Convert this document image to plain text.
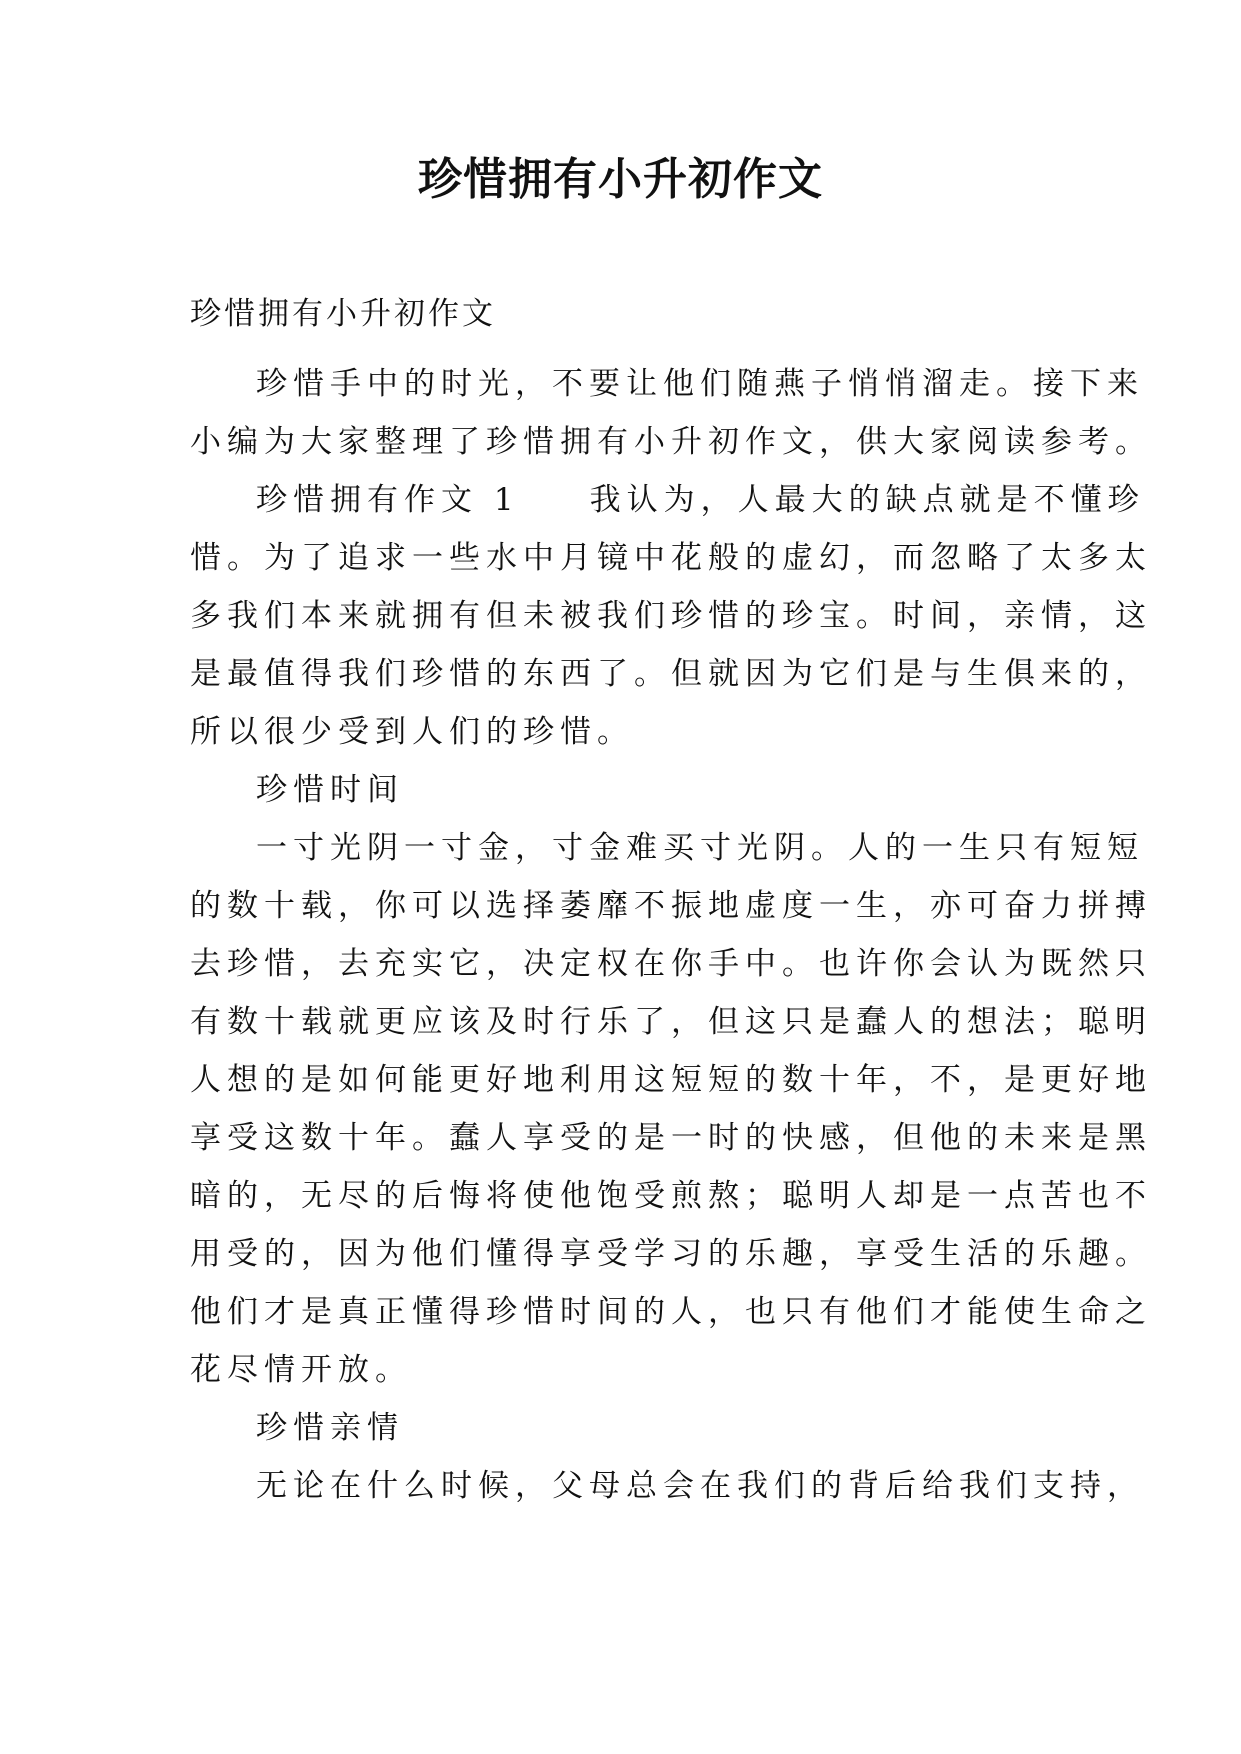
珍惜拥有小升初作文
珍惜拥有小升初作文
珍惜手中的时光，不要让他们随燕子悄悄溜走。接下来
小编为大家整理了珍惜拥有小升初作文，供大家阅读参考。
珍惜拥有作文 1 我认为，人最大的缺点就是不懂珍
惜。为了追求一些水中月镜中花般的虚幻，而忽略了太多太
多我们本来就拥有但未被我们珍惜的珍宝。时间，亲情，这
是最值得我们珍惜的东西了。但就因为它们是与生俱来的，
所以很少受到人们的珍惜。
珍惜时间
一寸光阴一寸金，寸金难买寸光阴。人的一生只有短短
的数十载，你可以选择萎靡不振地虚度一生，亦可奋力拼搏
去珍惜，去充实它，决定权在你手中。也许你会认为既然只
有数十载就更应该及时行乐了，但这只是蠢人的想法；聪明
人想的是如何能更好地利用这短短的数十年，不，是更好地
享受这数十年。蠢人享受的是一时的快感，但他的未来是黑
暗的，无尽的后悔将使他饱受煎熬；聪明人却是一点苦也不
用受的，因为他们懂得享受学习的乐趣，享受生活的乐趣。
他们才是真正懂得珍惜时间的人，也只有他们才能使生命之
花尽情开放。
珍惜亲情
无论在什么时候，父母总会在我们的背后给我们支持，
